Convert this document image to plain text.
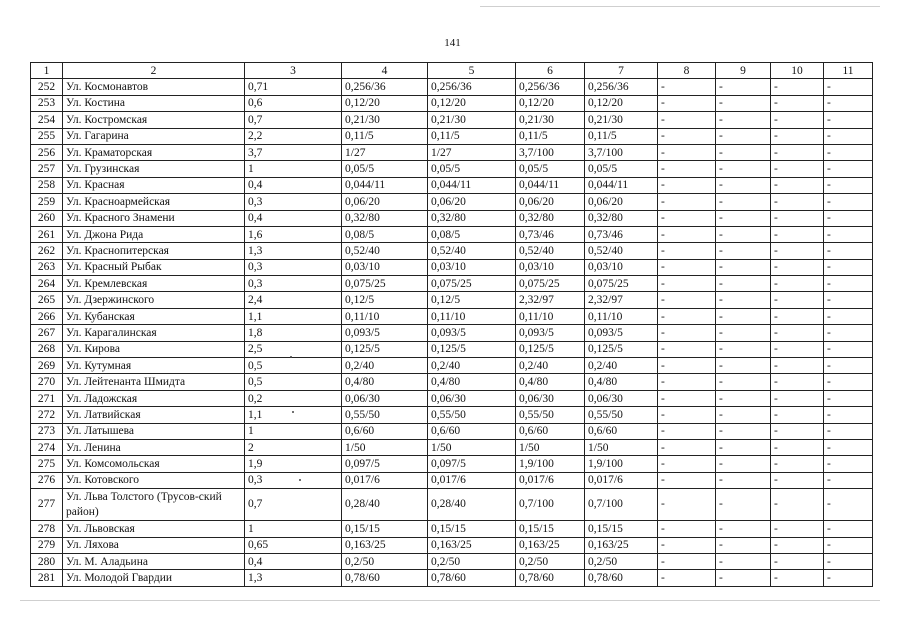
141
1	2	3	4	5	6	7	8	9	10	11
252	Ул. Космонавтов	0,71	0,256/36	0,256/36	0,256/36	0,256/36	-	-	-	-
253	Ул. Костина	0,6	0,12/20	0,12/20	0,12/20	0,12/20	-	-	-	-
254	Ул. Костромская	0,7	0,21/30	0,21/30	0,21/30	0,21/30	-	-	-	-
255	Ул. Гагарина	2,2	0,11/5	0,11/5	0,11/5	0,11/5	-	-	-	-
256	Ул. Краматорская	3,7	1/27	1/27	3,7/100	3,7/100	-	-	-	-
257	Ул. Грузинская	1	0,05/5	0,05/5	0,05/5	0,05/5	-	-	-	-
258	Ул. Красная	0,4	0,044/11	0,044/11	0,044/11	0,044/11	-	-	-	-
259	Ул. Красноармейская	0,3	0,06/20	0,06/20	0,06/20	0,06/20	-	-	-	-
260	Ул. Красного Знамени	0,4	0,32/80	0,32/80	0,32/80	0,32/80	-	-	-	-
261	Ул. Джона Рида	1,6	0,08/5	0,08/5	0,73/46	0,73/46	-	-	-	-
262	Ул. Краснопитерская	1,3	0,52/40	0,52/40	0,52/40	0,52/40	-	-	-	-
263	Ул. Красный Рыбак	0,3	0,03/10	0,03/10	0,03/10	0,03/10	-	-	-	-
264	Ул. Кремлевская	0,3	0,075/25	0,075/25	0,075/25	0,075/25	-	-	-	-
265	Ул. Дзержинского	2,4	0,12/5	0,12/5	2,32/97	2,32/97	-	-	-	-
266	Ул. Кубанская	1,1	0,11/10	0,11/10	0,11/10	0,11/10	-	-	-	-
267	Ул. Карагалинская	1,8	0,093/5	0,093/5	0,093/5	0,093/5	-	-	-	-
268	Ул. Кирова	2,5	0,125/5	0,125/5	0,125/5	0,125/5	-	-	-	-
269	Ул. Кутумная	0,5	0,2/40	0,2/40	0,2/40	0,2/40	-	-	-	-
270	Ул. Лейтенанта Шмидта	0,5	0,4/80	0,4/80	0,4/80	0,4/80	-	-	-	-
271	Ул. Ладожская	0,2	0,06/30	0,06/30	0,06/30	0,06/30	-	-	-	-
272	Ул. Латвийская	1,1	0,55/50	0,55/50	0,55/50	0,55/50	-	-	-	-
273	Ул. Латышева	1	0,6/60	0,6/60	0,6/60	0,6/60	-	-	-	-
274	Ул. Ленина	2	1/50	1/50	1/50	1/50	-	-	-	-
275	Ул. Комсомольская	1,9	0,097/5	0,097/5	1,9/100	1,9/100	-	-	-	-
276	Ул. Котовского	0,3	0,017/6	0,017/6	0,017/6	0,017/6	-	-	-	-
277	Ул. Льва Толстого (Трусов-ский район)	0,7	0,28/40	0,28/40	0,7/100	0,7/100	-	-	-	-
278	Ул. Львовская	1	0,15/15	0,15/15	0,15/15	0,15/15	-	-	-	-
279	Ул. Ляхова	0,65	0,163/25	0,163/25	0,163/25	0,163/25	-	-	-	-
280	Ул. М. Аладьина	0,4	0,2/50	0,2/50	0,2/50	0,2/50	-	-	-	-
281	Ул. Молодой Гвардии	1,3	0,78/60	0,78/60	0,78/60	0,78/60	-	-	-	-
